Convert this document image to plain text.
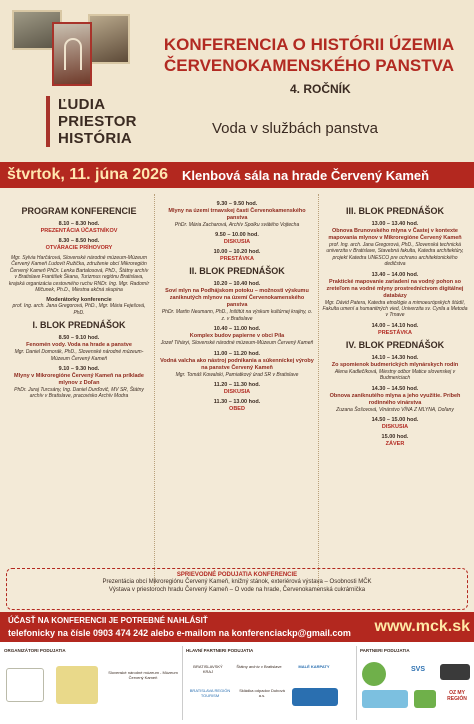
ĽUDIA
PRIESTOR
HISTÓRIA
KONFERENCIA O HISTÓRII ÚZEMIA
ČERVENOKAMENSKÉHO PANSTVA
4. ROČNÍK
Voda v službách panstva
štvrtok, 11. júna 2026 Klenbová sála na hrade Červený Kameň
PROGRAM KONFERENCIE
8.10 – 8.30 hod.
PREZENTÁCIA ÚČASTNÍKOV
8.30 – 8.50 hod.
OTVÁRACIE PRÍHOVORY
Mgr. Sylvia Harčárová, Slovenské národné múzeum-Múzeum Červený Kameň Ľudovít Ružička, združenie obcí Mikroregión Červený Kameň PhDr. Lenka Bartalosová, PhD., Štátny archív v Bratislave František Škana, Turizmus regiónu Bratislava, krajská organizácia cestovného ruchu RNDr. Ing. Mgr. Radomír Mičunek, Ph.D., Miestna akčná skupina
Moderátorky konferencie
prof. Ing. arch. Jana Gregorová, PhD., Mgr. Mária Feješová, PhD.
I. BLOK PREDNÁŠOK
8.50 – 9.10 hod.
Fenomén vody. Voda na hrade a panstve
Mgr. Daniel Domorák, PhD., Slovenské národné múzeum-Múzeum Červený Kameň
9.10 – 9.30 hod.
Mlyny v Mikroregióne Červený Kameň na príklade mlynov z Doľan
PhDr. Juraj Turcsány, Ing. Daniel Durďovič, MV SR, Štátny archív v Bratislave, pracovisko Archív Modra
9.30 – 9.50 hod.
Mlyny na území trnavskej časti Červenokamenského panstva
PhDr. Mária Zacharová, Archív Spolku svätého Vojtecha
9.50 – 10.00 hod.
DISKUSIA
10.00 – 10.20 hod.
PRESTÁVKA
II. BLOK PREDNÁŠOK
10.20 – 10.40 hod.
Soví mlyn na Podhájskom potoku – možnosti výskumu zaniknutých mlynov na území Červenokamenského panstva
PhDr. Martin Neumann, PhD., Inštitút na výskum kultúrnej krajiny, o. z. v Bratislave
10.40 – 11.00 hod.
Komplex budov papierne v obci Píla
Jozef Tiháryi, Slovenské národné múzeum-Múzeum Červený Kameň
11.00 – 11.20 hod.
Vodná valcha ako nástroj podnikania a súkenníckej výroby na panstve Červený Kameň
Mgr. Tomáš Kowalski, Pamiatkový úrad SR v Bratislave
11.20 – 11.30 hod.
DISKUSIA
11.30 – 13.00 hod.
OBED
III. BLOK PREDNÁŠOK
13.00 – 13.40 hod.
Obnova Brunovského mlyna v Častej v kontexte mapovania mlynov v Mikroregióne Červený Kameň
prof. Ing. arch. Jana Gregorová, PhD., Slovenská technická univerzita v Bratislave, Stavebná fakulta, Katedra architektúry, projekt Katedra UNESCO pre ochranu architektonického dedičstva
13.40 – 14.00 hod.
Praktické mapovanie zariadení na vodný pohon so zreteľom na vodné mlyny prostredníctvom digitálnej databázy
Mgr. Dávid Patera, Katedra etnológie a mimoeurópských štúdií, Fakulta umení a humanitných vied, Univerzita sv. Cyrila a Metoda v Trnave
14.00 – 14.10 hod.
PRESTÁVKA
IV. BLOK PREDNÁŠOK
14.10 – 14.30 hod.
Zo spomienok budmerických mlynárskych rodín
Alena Kadlečíková, Miestny odbor Matice slovenskej v Budmericiach
14.30 – 14.50 hod.
Obnova zaniknutého mlyna a jeho využitie. Príbeh rodinného vinárstva
Zuzana Šošovová, Vinárstvo VÍNA Z MLYNA, Doľany
14.50 – 15.00 hod.
DISKUSIA
15.00 hod.
ZÁVER
SPRIEVODNÉ PODUJATIA KONFERENCIE
Prezentácia obcí Mikroregiónu Červený Kameň, knižný stánok, exteriérová výstava – Osobnosti MČK
Výstava v priestoroch hradu Červený Kameň – O vode na hrade, Červenokamenská cukrárnička
ÚČASŤ NA KONFERENCII JE POTREBNÉ NAHLÁSIŤ
telefonicky na čísle 0903 474 242 alebo e-mailom na konferenciackp@gmail.com www.mck.sk
ORGANIZÁTORI PODUJATIA	HLAVNÍ PARTNERI PODUJATIA	PARTNERI PODUJATIA
Slovenské národné múzeum - Múzeum Červený Kameň
BRATISLAVSKÝ KRAJ
Štátny archív v Bratislave	MALÉ KARPATY
BRATISLAVA REGIÓN TOURISM
Skládka odpadov Dubová a.s.
SVS
OZ MY REGIÓN
